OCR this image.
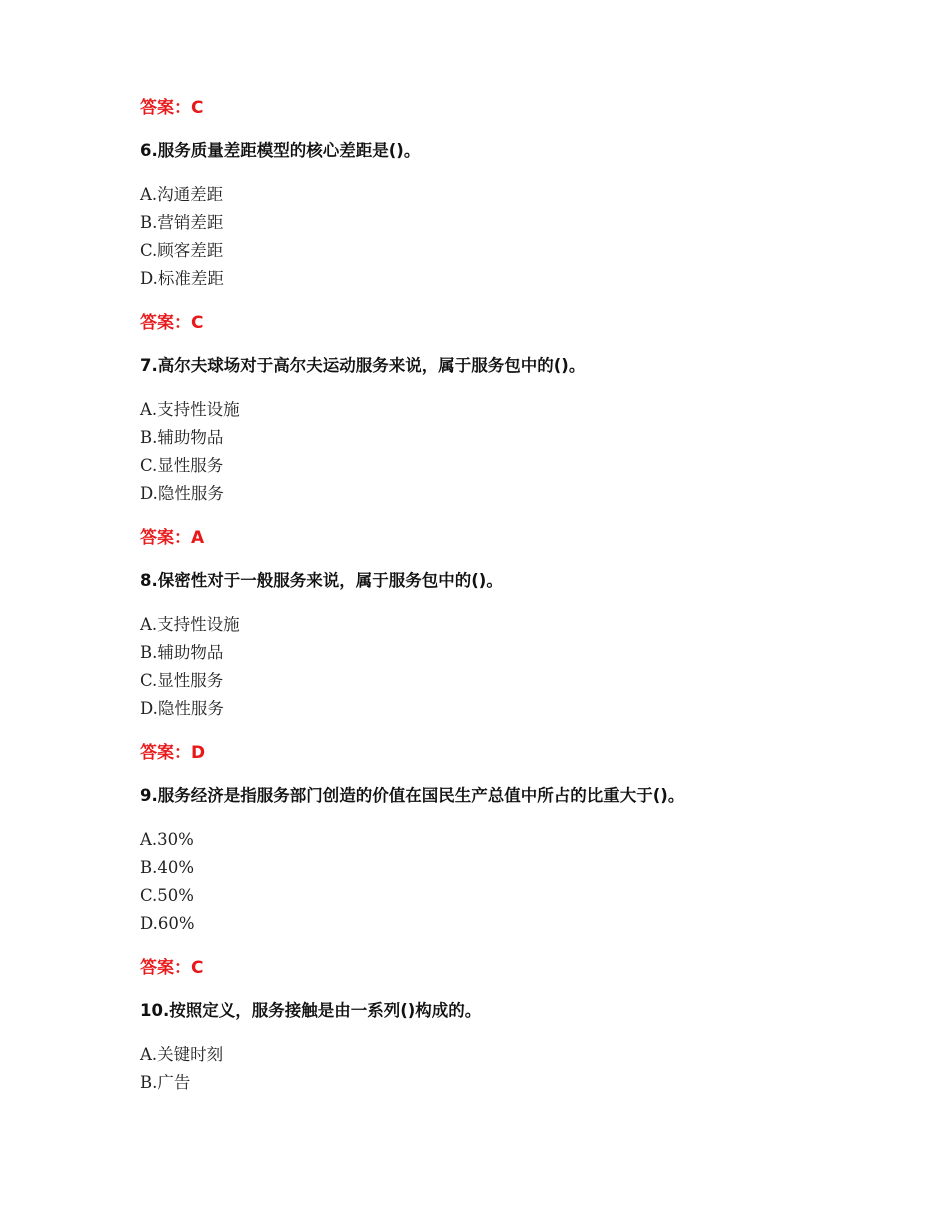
答案：C

6.服务质量差距模型的核心差距是()。

A.沟通差距
B.营销差距
C.顾客差距
D.标准差距

答案：C

7.高尔夫球场对于高尔夫运动服务来说，属于服务包中的()。

A.支持性设施
B.辅助物品
C.显性服务
D.隐性服务

答案：A

8.保密性对于一般服务来说，属于服务包中的()。

A.支持性设施
B.辅助物品
C.显性服务
D.隐性服务

答案：D

9.服务经济是指服务部门创造的价值在国民生产总值中所占的比重大于()。

A.30%
B.40%
C.50%
D.60%

答案：C

10.按照定义，服务接触是由一系列()构成的。

A.关键时刻
B.广告
